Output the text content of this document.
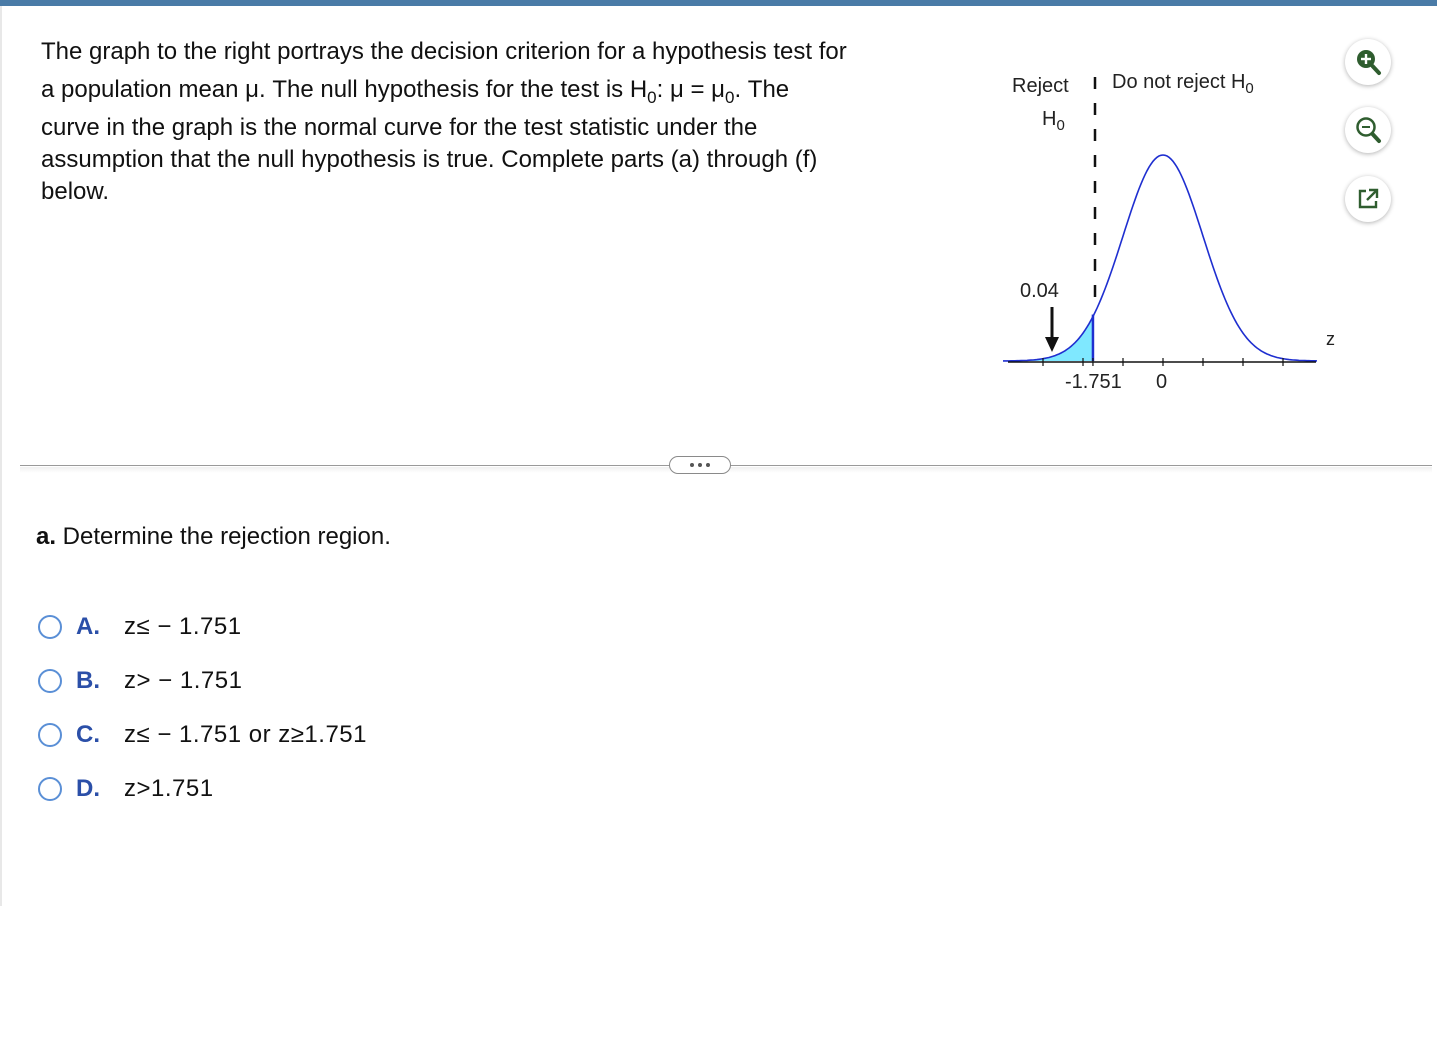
The graph to the right portrays the decision criterion for a hypothesis test for
a population mean μ. The null hypothesis for the test is $H_0$: $\mu = \mu_0$. The
curve in the graph is the normal curve for the test statistic under the
assumption that the null hypothesis is true. Complete parts (a) through (f)
below.
Reject
$H_0$
Do not reject $H_0$
0.04
-1.751 0
z
a. Determine the rejection region.
A.	z≤ − 1.751
B.	z> − 1.751
C.	z≤ − 1.751 or z≥1.751
D.	z>1.751
